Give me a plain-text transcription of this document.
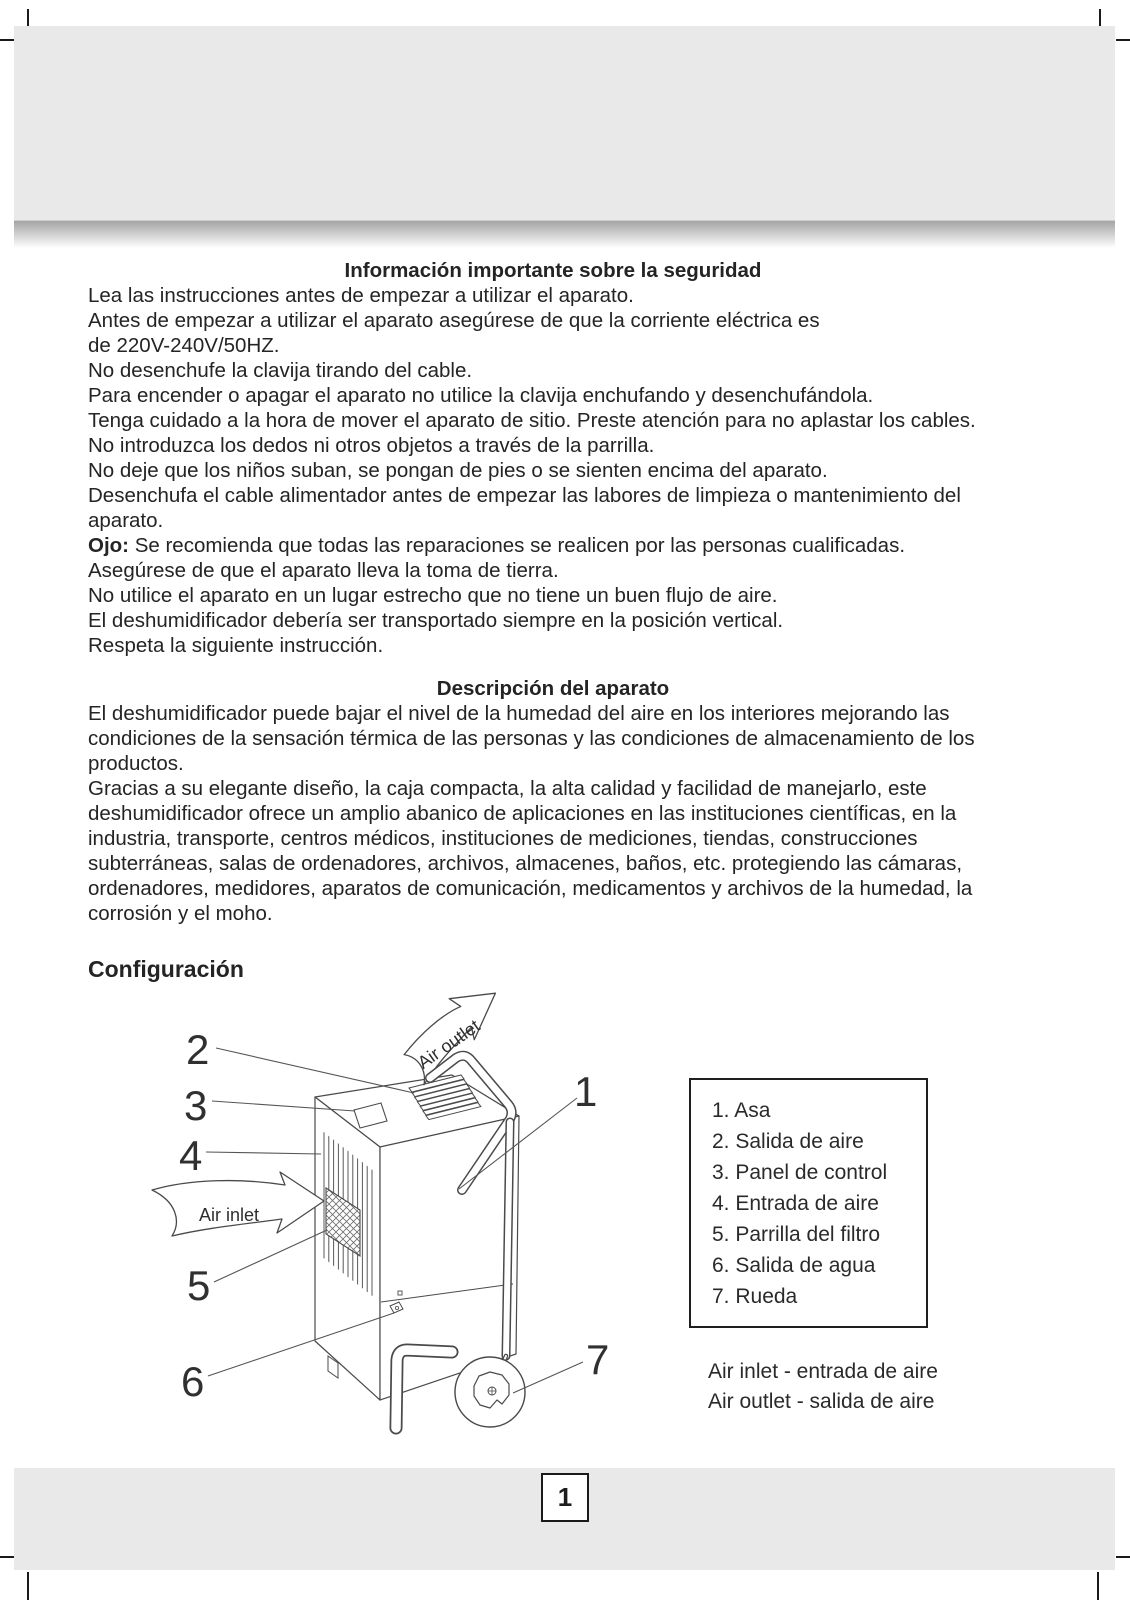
Información importante sobre la seguridad
Lea las instrucciones antes de empezar a utilizar el aparato.
Antes de empezar a utilizar el aparato asegúrese de que la corriente eléctrica es
de 220V-240V/50HZ.
No desenchufe la clavija tirando del cable.
Para encender o apagar el aparato no utilice la clavija enchufando y desenchufándola.
Tenga cuidado a la hora de mover el aparato de sitio. Preste atención para no aplastar los cables.
No introduzca los dedos ni otros objetos a través de la parrilla.
No deje que los niños suban, se pongan de pies o se sienten encima del aparato.
Desenchufa el cable alimentador antes de empezar las labores de limpieza o mantenimiento del
aparato.
Ojo: Se recomienda que todas las reparaciones se realicen por las personas cualificadas.
Asegúrese de que el aparato lleva la toma de tierra.
No utilice el aparato en un lugar estrecho que no tiene un buen flujo de aire.
El deshumidificador debería ser transportado siempre en la posición vertical.
Respeta la siguiente instrucción.
Descripción del aparato
El deshumidificador puede bajar el nivel de la humedad del aire en los interiores mejorando las
condiciones de la sensación térmica de las personas y las condiciones de almacenamiento de los
productos.
Gracias a su elegante diseño, la caja compacta, la alta calidad y facilidad de manejarlo, este
deshumidificador ofrece un amplio abanico de aplicaciones en las instituciones científicas, en la
industria, transporte, centros médicos, instituciones de mediciones, tiendas, construcciones
subterráneas, salas de ordenadores, archivos, almacenes, baños, etc. protegiendo las cámaras,
ordenadores, medidores, aparatos de comunicación, medicamentos y archivos de la humedad, la
corrosión y el moho.
Configuración
Air inlet
Air outlet
2
3
4
5
6
1
7
1. Asa
2. Salida de aire
3. Panel de control
4. Entrada de aire
5. Parrilla del filtro
6. Salida de agua
7. Rueda
Air inlet - entrada de aire
Air outlet - salida de aire
1
